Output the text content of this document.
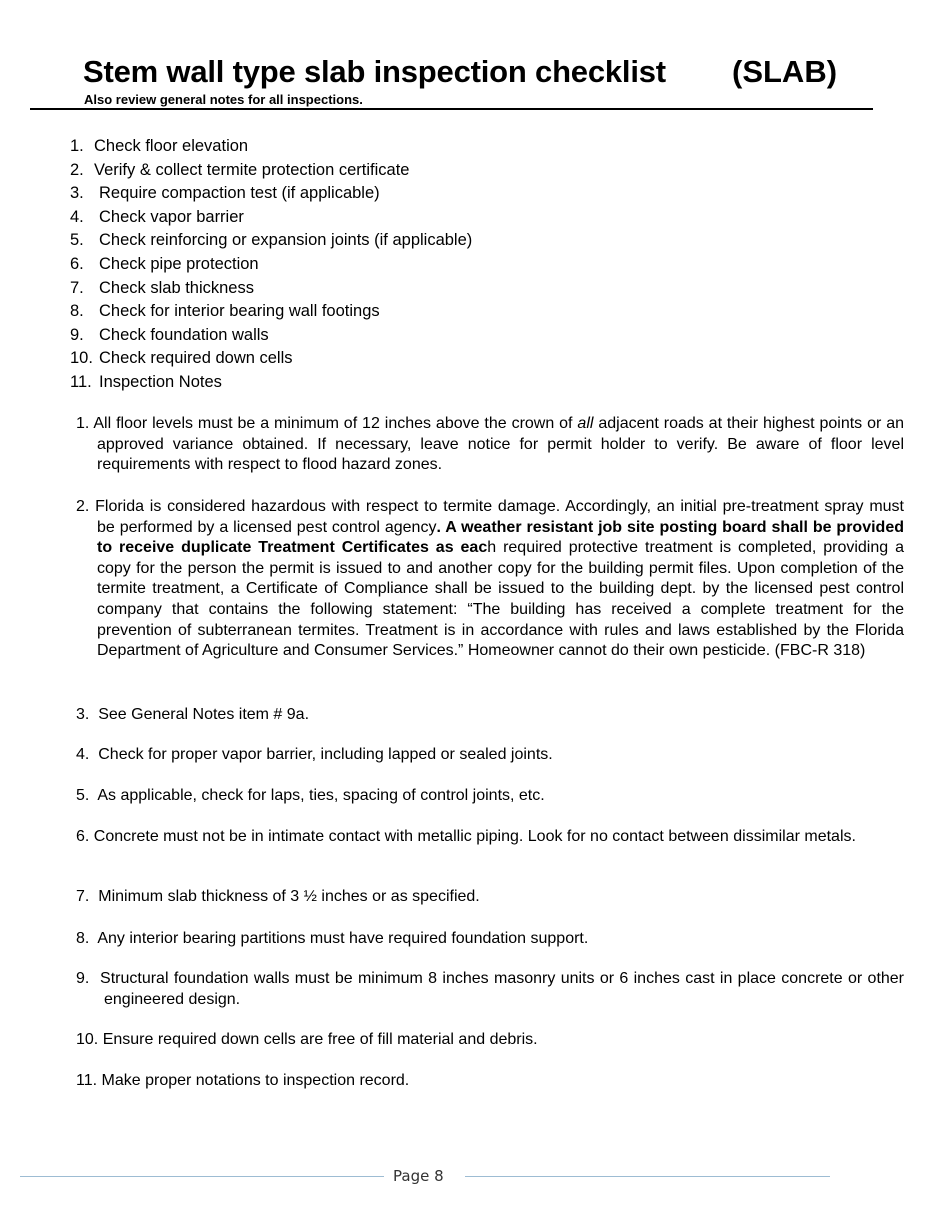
Stem wall type slab inspection checklist (SLAB)
Also review general notes for all inspections.
1. Check floor elevation
2. Verify & collect termite protection certificate
3. Require compaction test (if applicable)
4. Check vapor barrier
5. Check reinforcing or expansion joints (if applicable)
6. Check pipe protection
7. Check slab thickness
8. Check for interior bearing wall footings
9. Check foundation walls
10. Check required down cells
11. Inspection Notes
1. All floor levels must be a minimum of 12 inches above the crown of all adjacent roads at their highest points or an approved variance obtained. If necessary, leave notice for permit holder to verify. Be aware of floor level requirements with respect to flood hazard zones.
2. Florida is considered hazardous with respect to termite damage. Accordingly, an initial pre-treatment spray must be performed by a licensed pest control agency. A weather resistant job site posting board shall be provided to receive duplicate Treatment Certificates as each required protective treatment is completed, providing a copy for the person the permit is issued to and another copy for the building permit files. Upon completion of the termite treatment, a Certificate of Compliance shall be issued to the building dept. by the licensed pest control company that contains the following statement: “The building has received a complete treatment for the prevention of subterranean termites. Treatment is in accordance with rules and laws established by the Florida Department of Agriculture and Consumer Services.” Homeowner cannot do their own pesticide. (FBC-R 318)
3. See General Notes item # 9a.
4. Check for proper vapor barrier, including lapped or sealed joints.
5. As applicable, check for laps, ties, spacing of control joints, etc.
6. Concrete must not be in intimate contact with metallic piping. Look for no contact between dissimilar metals.
7. Minimum slab thickness of 3 ½ inches or as specified.
8. Any interior bearing partitions must have required foundation support.
9. Structural foundation walls must be minimum 8 inches masonry units or 6 inches cast in place concrete or other engineered design.
10. Ensure required down cells are free of fill material and debris.
11. Make proper notations to inspection record.
Page 8
